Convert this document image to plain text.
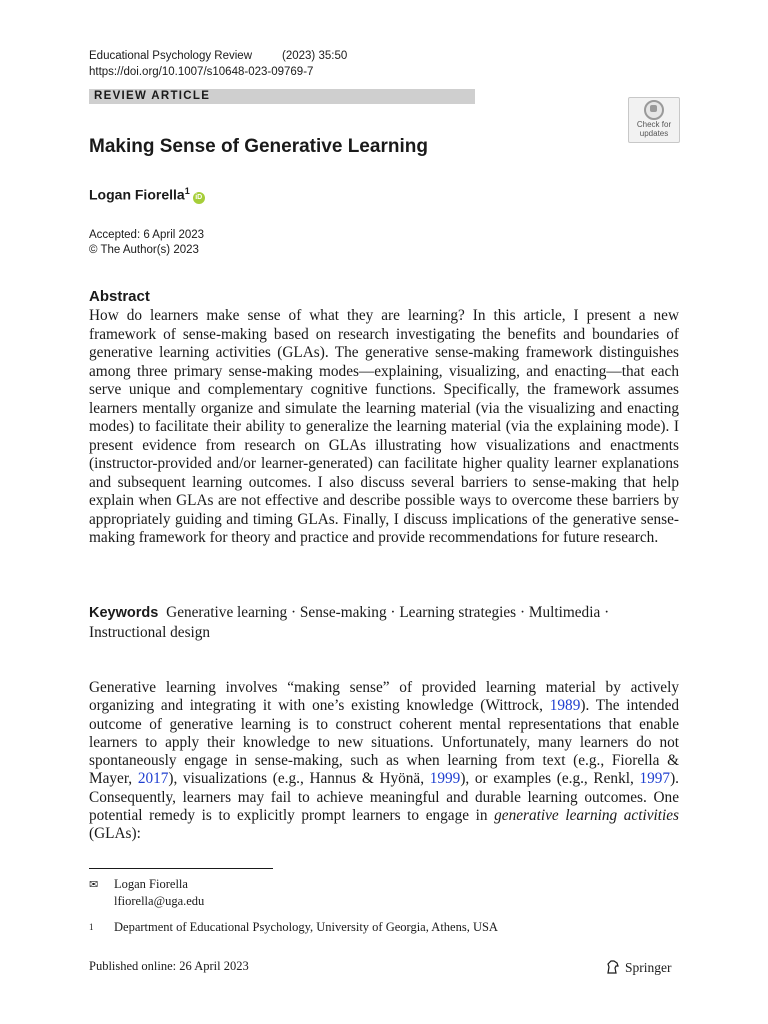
Educational Psychology Review	(2023) 35:50
https://doi.org/10.1007/s10648-023-09769-7
REVIEW ARTICLE
Check for
updates
Making Sense of Generative Learning
Logan Fiorella$^1$iD
Accepted: 6 April 2023
© The Author(s) 2023
Abstract

How do learners make sense of what they are learning? In this article, I present a new framework of sense-making based on research investigating the benefits and boundaries of generative learning activities (GLAs). The generative sense-making framework distinguishes among three primary sense-making modes—explaining, visualizing, and enacting—that each serve unique and complementary cognitive functions. Specifically, the framework assumes learners mentally organize and simulate the learning material (via the visualizing and enacting modes) to facilitate their ability to generalize the learning material (via the explaining mode). I present evidence from research on GLAs illustrating how visualizations and enactments (instructor-provided and/or learner-generated) can facilitate higher quality learner explanations and subsequent learning outcomes. I also discuss several barriers to sense-making that help explain when GLAs are not effective and describe possible ways to overcome these barriers by appropriately guiding and timing GLAs. Finally, I discuss implications of the generative sense-making framework for theory and practice and provide recommendations for future research.

Keywords Generative learning · Sense-making · Learning strategies · Multimedia · Instructional design

Generative learning involves “making sense” of provided learning material by actively organizing and integrating it with one’s existing knowledge (Wittrock, 1989). The intended outcome of generative learning is to construct coherent mental representations that enable learners to apply their knowledge to new situations. Unfortunately, many learners do not spontaneously engage in sense-making, such as when learning from text (e.g., Fiorella & Mayer, 2017), visualizations (e.g., Hannus & Hyönä, 1999), or examples (e.g., Renkl, 1997). Consequently, learners may fail to achieve meaningful and durable learning outcomes. One potential remedy is to explicitly prompt learners to engage in generative learning activities (GLAs):

✉ Logan Fiorella
lfiorella@uga.edu
$^1$ Department of Educational Psychology, University of Georgia, Athens, USA
Published online: 26 April 2023	Springer
